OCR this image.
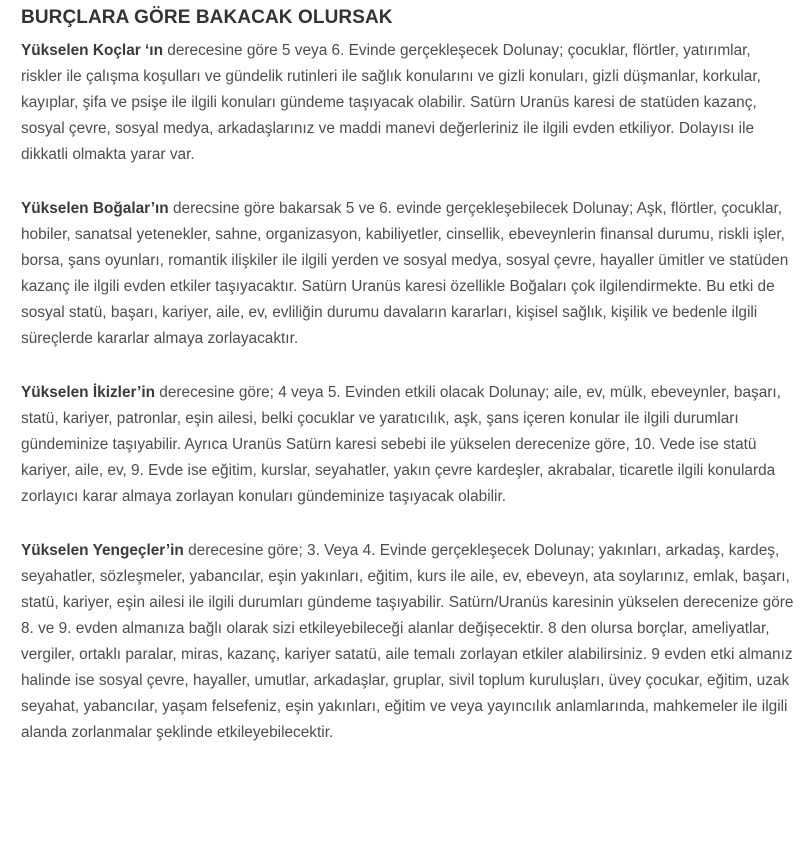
BURÇLARA GÖRE BAKACAK OLURSAK

Yükselen Koçlar ‘ın derecesine göre 5 veya 6. Evinde gerçekleşecek Dolunay; çocuklar, flörtler, yatırımlar, riskler ile çalışma koşulları ve gündelik rutinleri ile sağlık konularını ve gizli konuları, gizli düşmanlar, korkular, kayıplar, şifa ve psişe ile ilgili konuları gündeme taşıyacak olabilir. Satürn Uranüs karesi de statüden kazanç, sosyal çevre, sosyal medya, arkadaşlarınız ve maddi manevi değerleriniz ile ilgili evden etkiliyor. Dolayısı ile dikkatli olmakta yarar var.

Yükselen Boğalar’ın derecsine göre bakarsak 5 ve 6. evinde gerçekleşebilecek Dolunay; Aşk, flörtler, çocuklar, hobiler, sanatsal yetenekler, sahne, organizasyon, kabiliyetler, cinsellik, ebeveynlerin finansal durumu, riskli işler, borsa, şans oyunları, romantik ilişkiler ile ilgili yerden ve sosyal medya, sosyal çevre, hayaller ümitler ve statüden kazanç ile ilgili evden etkiler taşıyacaktır. Satürn Uranüs karesi özellikle Boğaları çok ilgilendirmekte. Bu etki de sosyal statü, başarı, kariyer, aile, ev, evliliğin durumu davaların kararları, kişisel sağlık, kişilik ve bedenle ilgili süreçlerde kararlar almaya zorlayacaktır.

Yükselen İkizler’in derecesine göre; 4 veya 5. Evinden etkili olacak Dolunay; aile, ev, mülk, ebeveynler, başarı, statü, kariyer, patronlar, eşin ailesi, belki çocuklar ve yaratıcılık, aşk, şans içeren konular ile ilgili durumları gündeminize taşıyabilir. Ayrıca Uranüs Satürn karesi sebebi ile yükselen derecenize göre, 10. Vede ise statü kariyer, aile, ev, 9. Evde ise eğitim, kurslar, seyahatler, yakın çevre kardeşler, akrabalar, ticaretle ilgili konularda zorlayıcı karar almaya zorlayan konuları gündeminize taşıyacak olabilir.

Yükselen Yengeçler’in derecesine göre; 3. Veya 4. Evinde gerçekleşecek Dolunay; yakınları, arkadaş, kardeş, seyahatler, sözleşmeler, yabancılar, eşin yakınları, eğitim, kurs ile aile, ev, ebeveyn, ata soylarınız, emlak, başarı, statü, kariyer, eşin ailesi ile ilgili durumları gündeme taşıyabilir. Satürn/Uranüs karesinin yükselen derecenize göre 8. ve 9. evden almanıza bağlı olarak sizi etkileyebileceği alanlar değişecektir. 8 den olursa borçlar, ameliyatlar, vergiler, ortaklı paralar, miras, kazanç, kariyer satatü, aile temalı zorlayan etkiler alabilirsiniz. 9 evden etki almanız halinde ise sosyal çevre, hayaller, umutlar, arkadaşlar, gruplar, sivil toplum kuruluşları, üvey çocukar, eğitim, uzak seyahat, yabancılar, yaşam felsefeniz, eşin yakınları, eğitim ve veya yayıncılık anlamlarında, mahkemeler ile ilgili alanda zorlanmalar şeklinde etkileyebilecektir.
